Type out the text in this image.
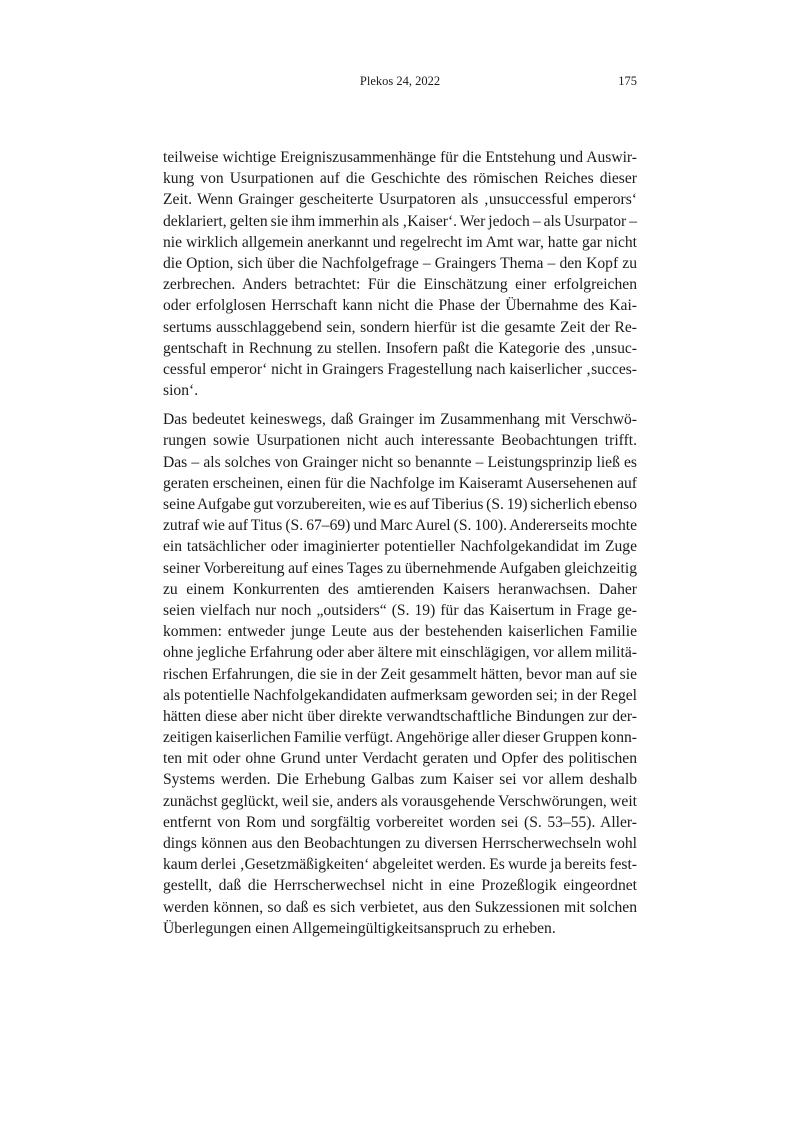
Plekos 24, 2022	175
teilweise wichtige Ereigniszusammenhänge für die Entstehung und Auswir-
kung von Usurpationen auf die Geschichte des römischen Reiches dieser
Zeit. Wenn Grainger gescheiterte Usurpatoren als ‚unsuccessful emperors‘
deklariert, gelten sie ihm immerhin als ‚Kaiser‘. Wer jedoch – als Usurpator –
nie wirklich allgemein anerkannt und regelrecht im Amt war, hatte gar nicht
die Option, sich über die Nachfolgefrage – Graingers Thema – den Kopf zu
zerbrechen. Anders betrachtet: Für die Einschätzung einer erfolgreichen
oder erfolglosen Herrschaft kann nicht die Phase der Übernahme des Kai-
sertums ausschlaggebend sein, sondern hierfür ist die gesamte Zeit der Re-
gentschaft in Rechnung zu stellen. Insofern paßt die Kategorie des ‚unsuc-
cessful emperor‘ nicht in Graingers Fragestellung nach kaiserlicher ‚succes-
sion‘.
Das bedeutet keineswegs, daß Grainger im Zusammenhang mit Verschwö-
rungen sowie Usurpationen nicht auch interessante Beobachtungen trifft.
Das – als solches von Grainger nicht so benannte – Leistungsprinzip ließ es
geraten erscheinen, einen für die Nachfolge im Kaiseramt Ausersehenen auf
seine Aufgabe gut vorzubereiten, wie es auf Tiberius (S. 19) sicherlich ebenso
zutraf wie auf Titus (S. 67–69) und Marc Aurel (S. 100). Andererseits mochte
ein tatsächlicher oder imaginierter potentieller Nachfolgekandidat im Zuge
seiner Vorbereitung auf eines Tages zu übernehmende Aufgaben gleichzeitig
zu einem Konkurrenten des amtierenden Kaisers heranwachsen. Daher
seien vielfach nur noch „outsiders“ (S. 19) für das Kaisertum in Frage ge-
kommen: entweder junge Leute aus der bestehenden kaiserlichen Familie
ohne jegliche Erfahrung oder aber ältere mit einschlägigen, vor allem militä-
rischen Erfahrungen, die sie in der Zeit gesammelt hätten, bevor man auf sie
als potentielle Nachfolgekandidaten aufmerksam geworden sei; in der Regel
hätten diese aber nicht über direkte verwandtschaftliche Bindungen zur der-
zeitigen kaiserlichen Familie verfügt. Angehörige aller dieser Gruppen konn-
ten mit oder ohne Grund unter Verdacht geraten und Opfer des politischen
Systems werden. Die Erhebung Galbas zum Kaiser sei vor allem deshalb
zunächst geglückt, weil sie, anders als vorausgehende Verschwörungen, weit
entfernt von Rom und sorgfältig vorbereitet worden sei (S. 53–55). Aller-
dings können aus den Beobachtungen zu diversen Herrscherwechseln wohl
kaum derlei ‚Gesetzmäßigkeiten‘ abgeleitet werden. Es wurde ja bereits fest-
gestellt, daß die Herrscherwechsel nicht in eine Prozeßlogik eingeordnet
werden können, so daß es sich verbietet, aus den Sukzessionen mit solchen
Überlegungen einen Allgemeingültigkeitsanspruch zu erheben.
